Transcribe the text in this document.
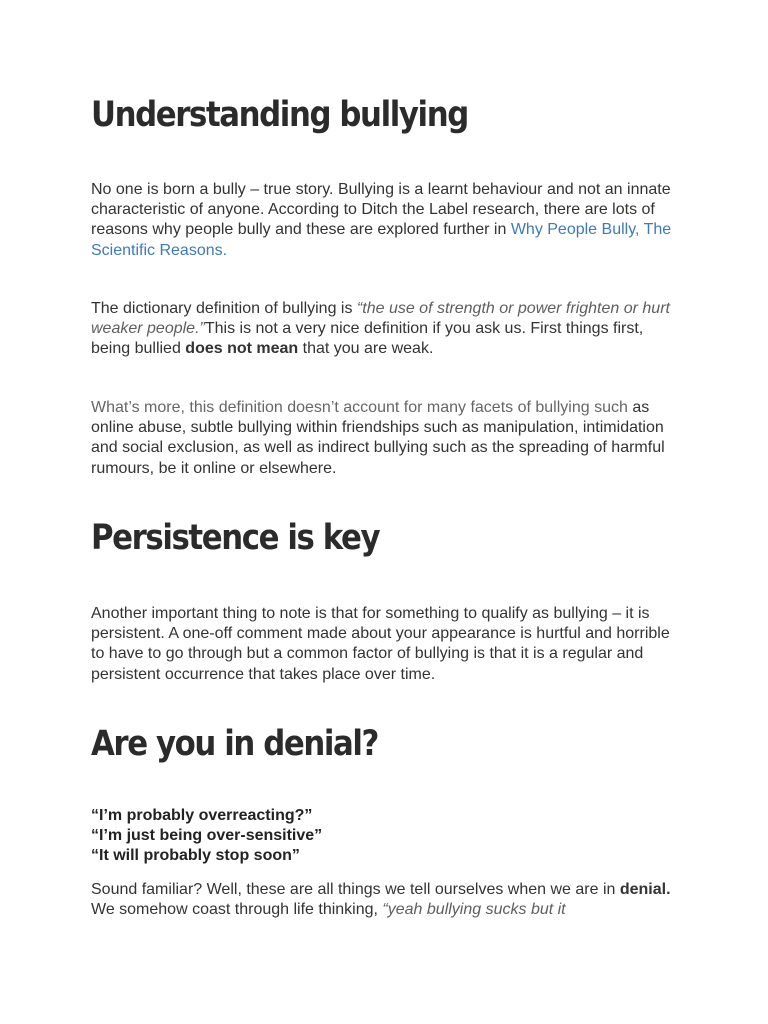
Understanding bullying

No one is born a bully – true story. Bullying is a learnt behaviour and not an innate characteristic of anyone. According to Ditch the Label research, there are lots of reasons why people bully and these are explored further in Why People Bully, The Scientific Reasons.

The dictionary definition of bullying is “the use of strength or power frighten or hurt weaker people.”This is not a very nice definition if you ask us. First things first, being bullied does not mean that you are weak.

What’s more, this definition doesn’t account for many facets of bullying such as online abuse, subtle bullying within friendships such as manipulation, intimidation and social exclusion, as well as indirect bullying such as the spreading of harmful rumours, be it online or elsewhere.

Persistence is key

Another important thing to note is that for something to qualify as bullying – it is persistent. A one-off comment made about your appearance is hurtful and horrible to have to go through but a common factor of bullying is that it is a regular and persistent occurrence that takes place over time.

Are you in denial?

“I’m probably overreacting?”
“I’m just being over-sensitive”
“It will probably stop soon”

Sound familiar? Well, these are all things we tell ourselves when we are in denial. We somehow coast through life thinking, “yeah bullying sucks but it
